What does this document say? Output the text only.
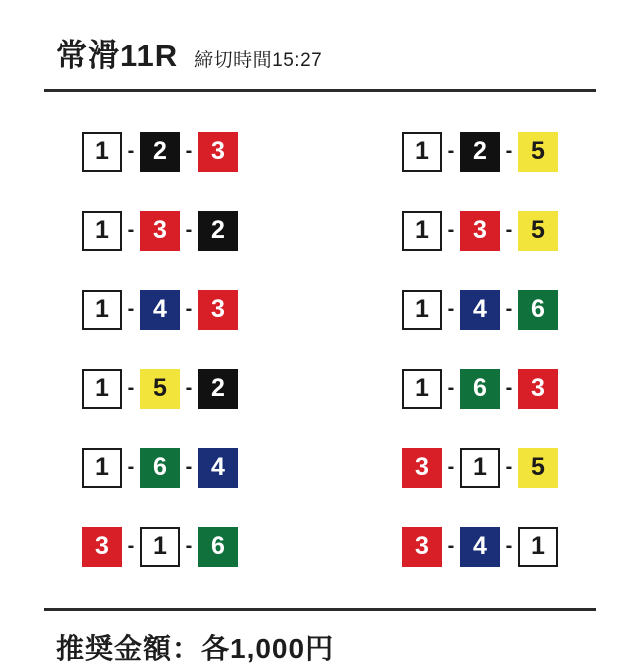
常滑11R 締切時間15:27
1 - 2 - 3	1 - 2 - 5
1 - 3 - 2	1 - 3 - 5
1 - 4 - 3	1 - 4 - 6
1 - 5 - 2	1 - 6 - 3
1 - 6 - 4	3 - 1 - 5
3 - 1 - 6	3 - 4 - 1
推奨金額：各1,000円
